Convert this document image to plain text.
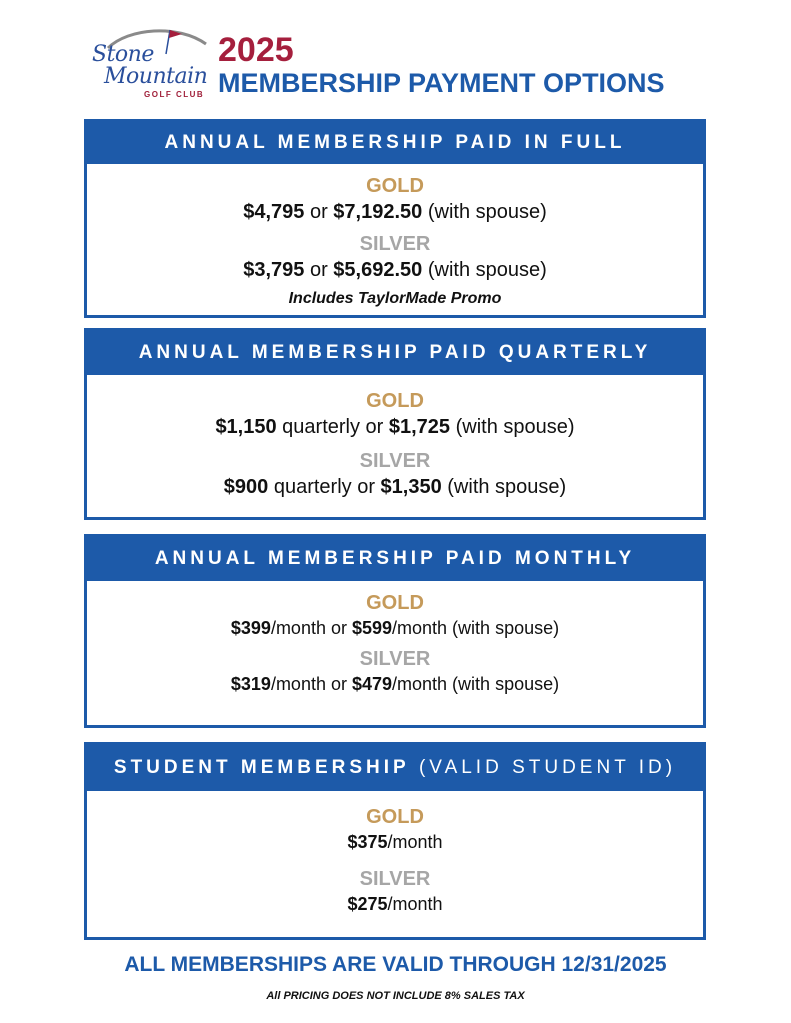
Stone
Mountain
GOLF CLUB
2025
MEMBERSHIP PAYMENT OPTIONS
ANNUAL MEMBERSHIP PAID IN FULL
GOLD
$4,795 or $7,192.50 (with spouse)
SILVER
$3,795 or $5,692.50 (with spouse)
Includes TaylorMade Promo
ANNUAL MEMBERSHIP PAID QUARTERLY
GOLD
$1,150 quarterly or $1,725 (with spouse)
SILVER
$900 quarterly or $1,350 (with spouse)
ANNUAL MEMBERSHIP PAID MONTHLY
GOLD
$399/month or $599/month (with spouse)
SILVER
$319/month or $479/month (with spouse)
STUDENT MEMBERSHIP (VALID STUDENT ID)
GOLD
$375/month
SILVER
$275/month
ALL MEMBERSHIPS ARE VALID THROUGH 12/31/2025
All PRICING DOES NOT INCLUDE 8% SALES TAX
